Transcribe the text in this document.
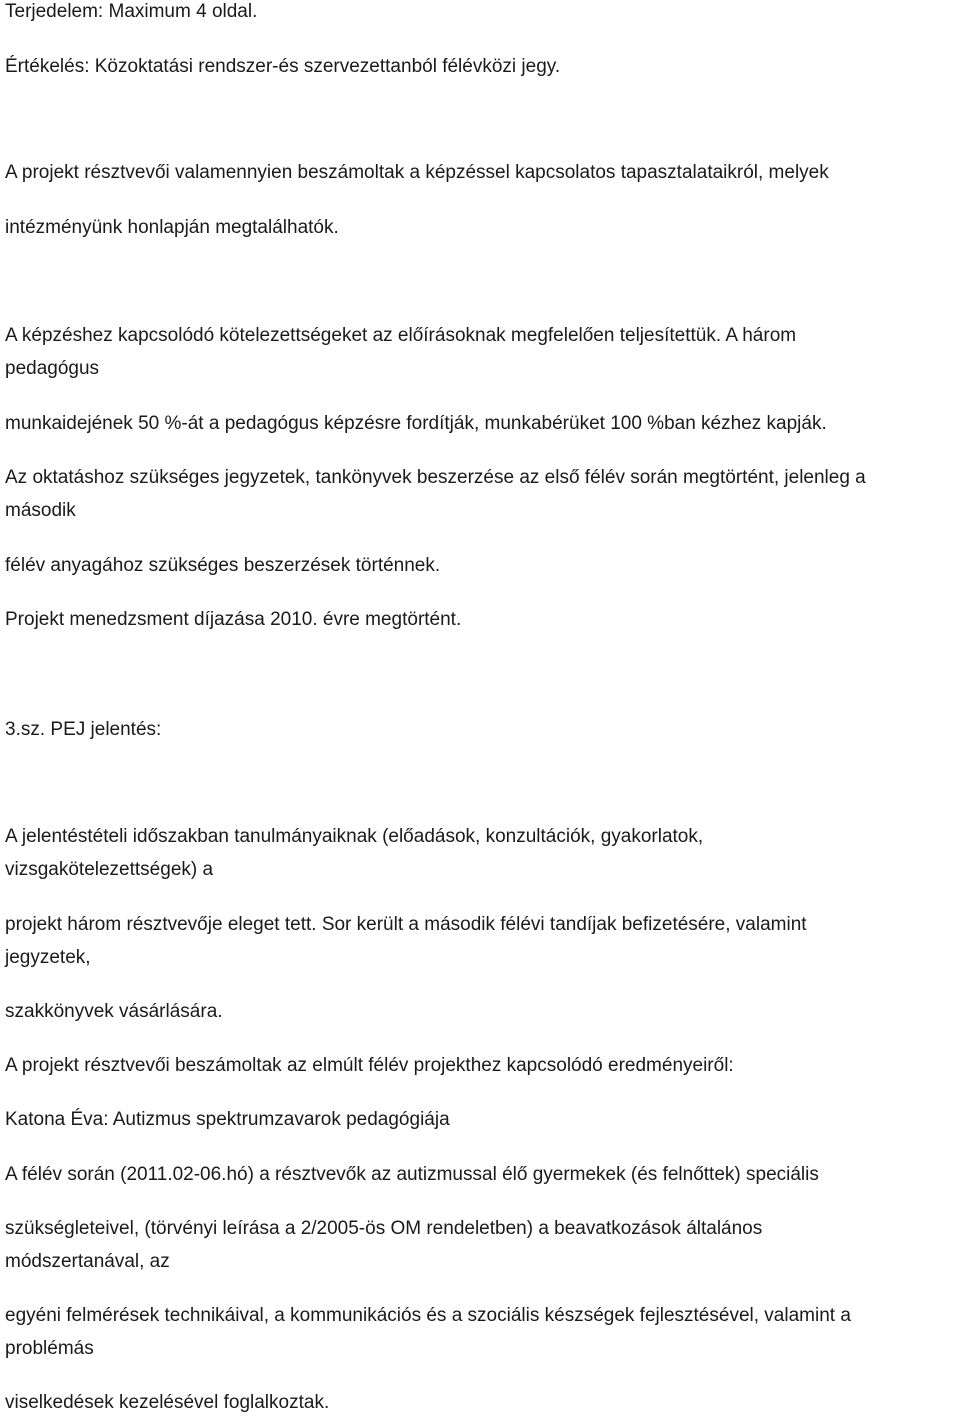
Terjedelem: Maximum 4 oldal.

Értékelés: Közoktatási rendszer-és szervezettanból félévközi jegy.

A projekt résztvevői valamennyien beszámoltak a képzéssel kapcsolatos tapasztalataikról, melyek

intézményünk honlapján megtalálhatók.

A képzéshez kapcsolódó kötelezettségeket az előírásoknak megfelelően teljesítettük. A három

pedagógus

munkaidejének 50 %-át a pedagógus képzésre fordítják, munkabérüket 100 %ban kézhez kapják.

Az oktatáshoz szükséges jegyzetek, tankönyvek beszerzése az első félév során megtörtént, jelenleg a

második

félév anyagához szükséges beszerzések történnek.

Projekt menedzsment díjazása 2010. évre megtörtént.

3.sz. PEJ jelentés:

A jelentéstételi időszakban tanulmányaiknak (előadások, konzultációk, gyakorlatok,

vizsgakötelezettségek) a

projekt három résztvevője eleget tett. Sor került a második félévi tandíjak befizetésére, valamint

jegyzetek,

szakkönyvek vásárlására.

A projekt résztvevői beszámoltak az elmúlt félév projekthez kapcsolódó eredményeiről:

Katona Éva: Autizmus spektrumzavarok pedagógiája

A félév során (2011.02-06.hó) a résztvevők az autizmussal élő gyermekek (és felnőttek) speciális

szükségleteivel, (törvényi leírása a 2/2005-ös OM rendeletben) a beavatkozások általános

módszertanával, az

egyéni felmérések technikáival, a kommunikációs és a szociális készségek fejlesztésével, valamint a

problémás

viselkedések kezelésével foglalkoztak.
